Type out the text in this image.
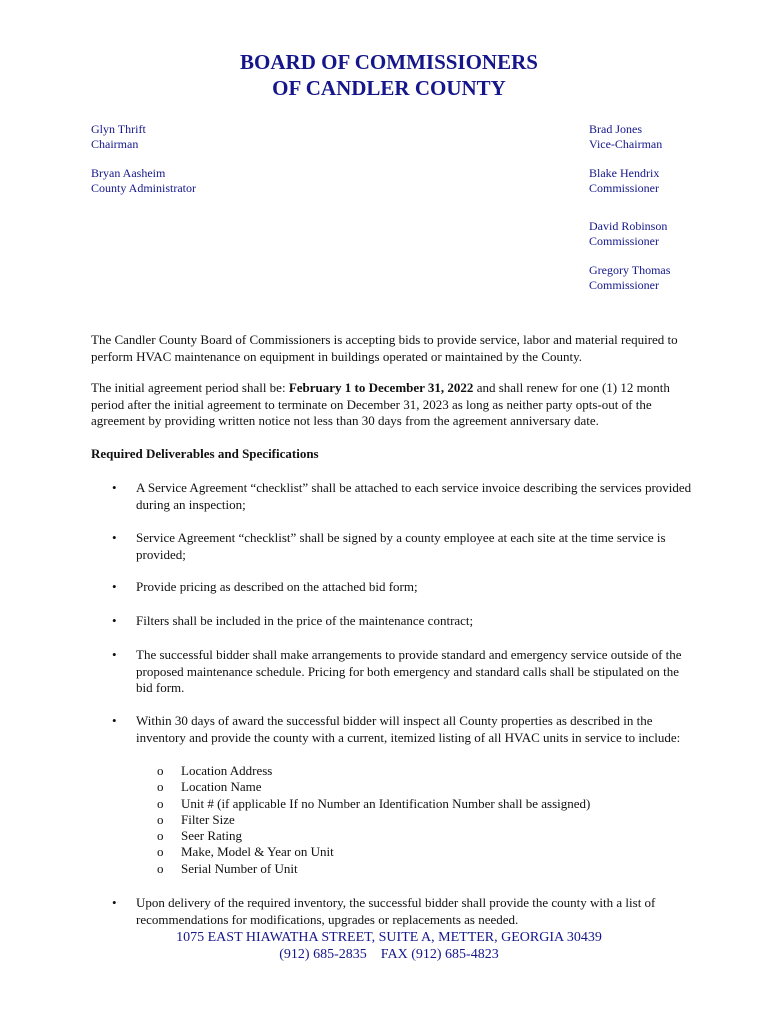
BOARD OF COMMISSIONERS
OF CANDLER COUNTY
Glyn Thrift
Chairman
Bryan Aasheim
County Administrator
Brad Jones
Vice-Chairman
Blake Hendrix
Commissioner
David Robinson
Commissioner
Gregory Thomas
Commissioner
The Candler County Board of Commissioners is accepting bids to provide service, labor and material required to perform HVAC maintenance on equipment in buildings operated or maintained by the County.
The initial agreement period shall be: February 1 to December 31, 2022 and shall renew for one (1) 12 month period after the initial agreement to terminate on December 31, 2023 as long as neither party opts-out of the agreement by providing written notice not less than 30 days from the agreement anniversary date.
Required Deliverables and Specifications
• A Service Agreement “checklist” shall be attached to each service invoice describing the services provided during an inspection;
• Service Agreement “checklist” shall be signed by a county employee at each site at the time service is provided;
• Provide pricing as described on the attached bid form;
• Filters shall be included in the price of the maintenance contract;
• The successful bidder shall make arrangements to provide standard and emergency service outside of the proposed maintenance schedule. Pricing for both emergency and standard calls shall be stipulated on the bid form.
• Within 30 days of award the successful bidder will inspect all County properties as described in the inventory and provide the county with a current, itemized listing of all HVAC units in service to include:
o Location Address
o Location Name
o Unit # (if applicable If no Number an Identification Number shall be assigned)
o Filter Size
o Seer Rating
o Make, Model & Year on Unit
o Serial Number of Unit
• Upon delivery of the required inventory, the successful bidder shall provide the county with a list of recommendations for modifications, upgrades or replacements as needed.
1075 EAST HIAWATHA STREET, SUITE A, METTER, GEORGIA 30439
(912) 685-2835    FAX (912) 685-4823
